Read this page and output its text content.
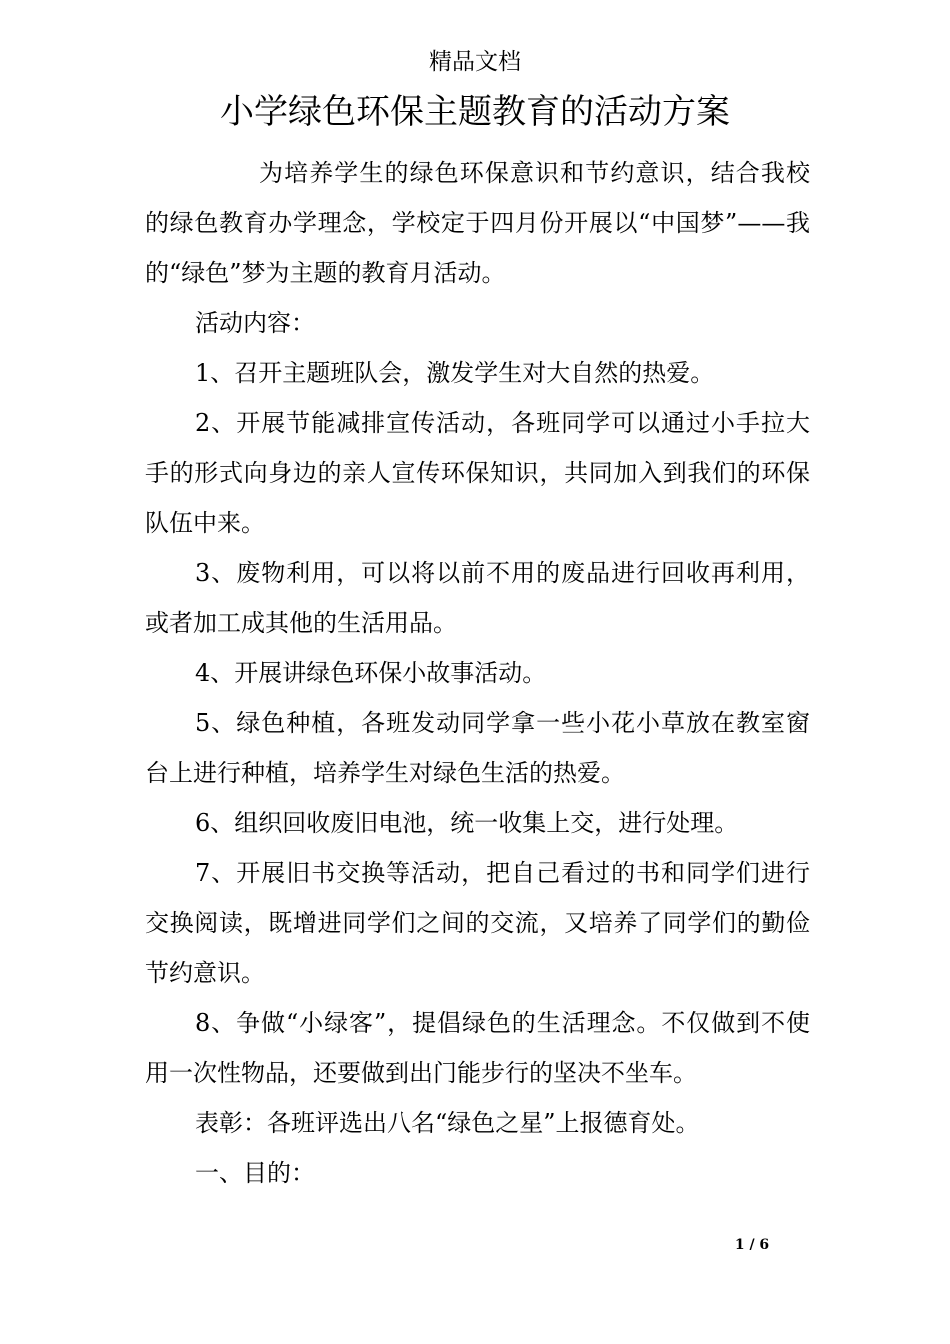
精品文档
小学绿色环保主题教育的活动方案

为培养学生的绿色环保意识和节约意识，结合我校的绿色教育办学理念，学校定于四月份开展以“中国梦”——我的“绿色”梦为主题的教育月活动。

活动内容：

1、召开主题班队会，激发学生对大自然的热爱。

2、开展节能减排宣传活动，各班同学可以通过小手拉大手的形式向身边的亲人宣传环保知识，共同加入到我们的环保队伍中来。

3、废物利用，可以将以前不用的废品进行回收再利用，或者加工成其他的生活用品。

4、开展讲绿色环保小故事活动。

5、绿色种植，各班发动同学拿一些小花小草放在教室窗台上进行种植，培养学生对绿色生活的热爱。

6、组织回收废旧电池，统一收集上交，进行处理。

7、开展旧书交换等活动，把自己看过的书和同学们进行交换阅读，既增进同学们之间的交流，又培养了同学们的勤俭节约意识。

8、争做“小绿客”，提倡绿色的生活理念。不仅做到不使用一次性物品，还要做到出门能步行的坚决不坐车。

表彰：各班评选出八名“绿色之星”上报德育处。

一、目的：

1 / 6
